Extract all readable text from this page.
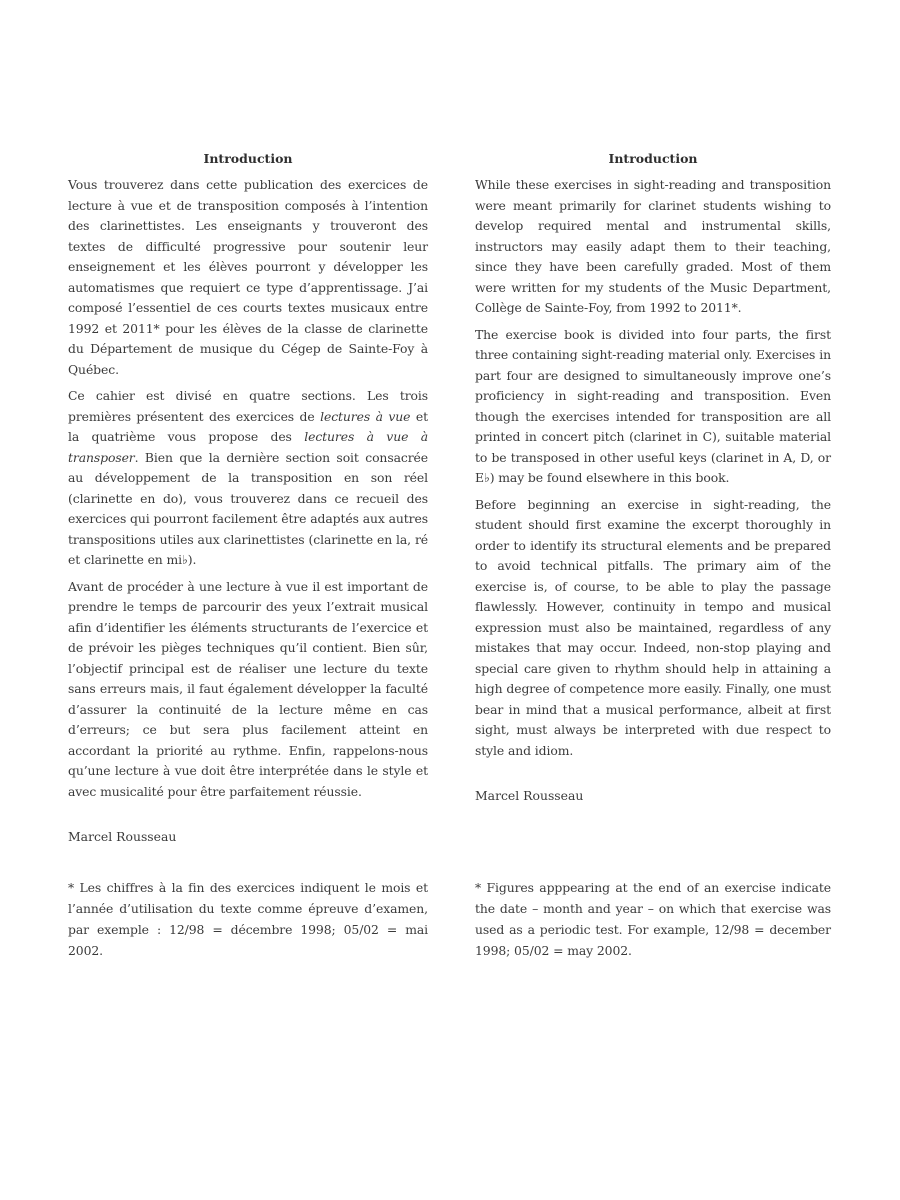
Introduction

Vous trouverez dans cette publication des exercices de lecture à vue et de transposition composés à l’intention des clarinettistes. Les enseignants y trouveront des textes de difficulté progressive pour soutenir leur enseignement et les élèves pourront y développer les automatismes que requiert ce type d’apprentissage. J’ai composé l’essentiel de ces courts textes musicaux entre 1992 et 2011* pour les élèves de la classe de clarinette du Département de musique du Cégep de Sainte-Foy à Québec.

Ce cahier est divisé en quatre sections. Les trois premières présentent des exercices de lectures à vue et la quatrième vous propose des lectures à vue à transposer. Bien que la dernière section soit consacrée au développement de la transposition en son réel (clarinette en do), vous trouverez dans ce recueil des exercices qui pourront facilement être adaptés aux autres transpositions utiles aux clarinettistes (clarinette en la, ré et clarinette en mi♭).

Avant de procéder à une lecture à vue il est important de prendre le temps de parcourir des yeux l’extrait musical afin d’identifier les éléments structurants de l’exercice et de prévoir les pièges techniques qu’il contient. Bien sûr, l’objectif principal est de réaliser une lecture du texte sans erreurs mais, il faut également développer la faculté d’assurer la continuité de la lecture même en cas d’erreurs; ce but sera plus facilement atteint en accordant la priorité au rythme. Enfin, rappelons-nous qu’une lecture à vue doit être interprétée dans le style et avec musicalité pour être parfaitement réussie.

Marcel Rousseau
Introduction

While these exercises in sight-reading and transposition were meant primarily for clarinet students wishing to develop required mental and instrumental skills, instructors may easily adapt them to their teaching, since they have been carefully graded. Most of them were written for my students of the Music Department, Collège de Sainte-Foy, from 1992 to 2011*.

The exercise book is divided into four parts, the first three containing sight-reading material only. Exercises in part four are designed to simultaneously improve one’s proficiency in sight-reading and transposition. Even though the exercises intended for transposition are all printed in concert pitch (clarinet in C), suitable material to be transposed in other useful keys (clarinet in A, D, or E♭) may be found elsewhere in this book.

Before beginning an exercise in sight-reading, the student should first examine the excerpt thoroughly in order to identify its structural elements and be prepared to avoid technical pitfalls. The primary aim of the exercise is, of course, to be able to play the passage flawlessly. However, continuity in tempo and musical expression must also be maintained, regardless of any mistakes that may occur. Indeed, non-stop playing and special care given to rhythm should help in attaining a high degree of competence more easily. Finally, one must bear in mind that a musical performance, albeit at first sight, must always be interpreted with due respect to style and idiom.

Marcel Rousseau
* Les chiffres à la fin des exercices indiquent le mois et l’année d’utilisation du texte comme épreuve d’examen, par exemple : 12/98 = décembre 1998; 05/02 = mai 2002.
* Figures apppearing at the end of an exercise indicate the date – month and year – on which that exercise was used as a periodic test. For example, 12/98 = december 1998; 05/02 = may 2002.
